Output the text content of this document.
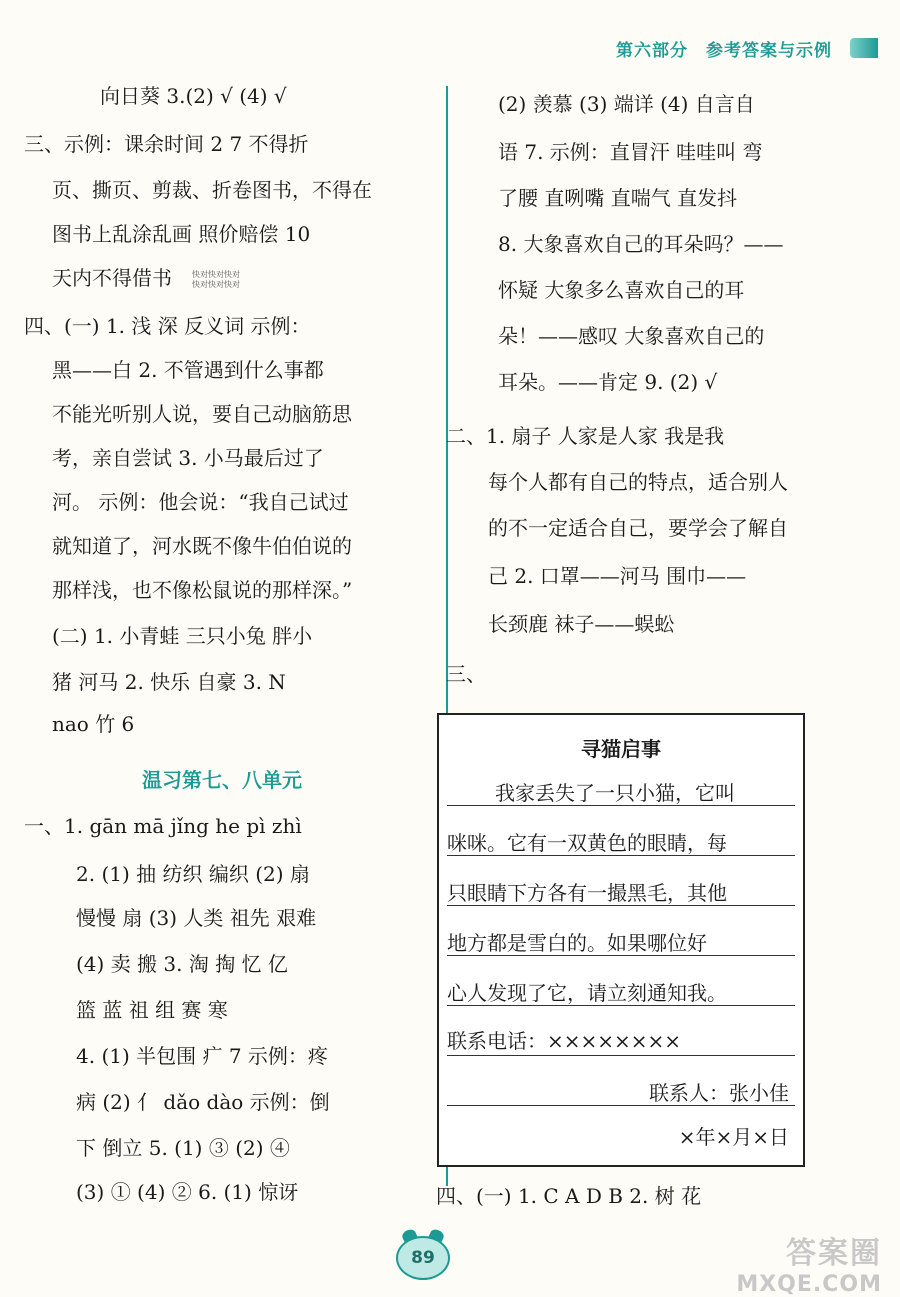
第六部分 参考答案与示例
向日葵 3.(2) √ (4) √
三、示例：课余时间 2 7 不得折
页、撕页、剪裁、折卷图书，不得在
图书上乱涂乱画 照价赔偿 10
天内不得借书
四、(一) 1. 浅 深 反义词 示例：
黑——白 2. 不管遇到什么事都
不能光听别人说，要自己动脑筋思
考，亲自尝试 3. 小马最后过了
河。 示例：他会说：“我自己试过
就知道了，河水既不像牛伯伯说的
那样浅，也不像松鼠说的那样深。”
(二) 1. 小青蛙 三只小兔 胖小
猪 河马 2. 快乐 自豪 3. N
nao 竹 6
快对快对快对
快对快对快对
温习第七、八单元
一、1. gān mā jǐng he pì zhì
2. (1) 抽 纺织 编织 (2) 扇
慢慢 扇 (3) 人类 祖先 艰难
(4) 卖 搬 3. 淘 掏 忆 亿
篮 蓝 祖 组 赛 寒
4. (1) 半包围 疒 7 示例：疼
病 (2) 亻 dǎo dào 示例：倒
下 倒立 5. (1) ③ (2) ④
(3) ① (4) ② 6. (1) 惊讶
(2) 羡慕 (3) 端详 (4) 自言自
语 7. 示例：直冒汗 哇哇叫 弯
了腰 直咧嘴 直喘气 直发抖
8. 大象喜欢自己的耳朵吗？——
怀疑 大象多么喜欢自己的耳
朵！——感叹 大象喜欢自己的
耳朵。——肯定 9. (2) √
二、1. 扇子 人家是人家 我是我
每个人都有自己的特点，适合别人
的不一定适合自己，要学会了解自
己 2. 口罩——河马 围巾——
长颈鹿 袜子——蜈蚣
三、
寻猫启事
我家丢失了一只小猫，它叫
咪咪。它有一双黄色的眼睛，每
只眼睛下方各有一撮黑毛，其他
地方都是雪白的。如果哪位好
心人发现了它，请立刻通知我。
联系电话：××××××××
联系人：张小佳
×年×月×日
四、(一) 1. C A D B 2. 树 花
89	答案圈
MXQE.COM
